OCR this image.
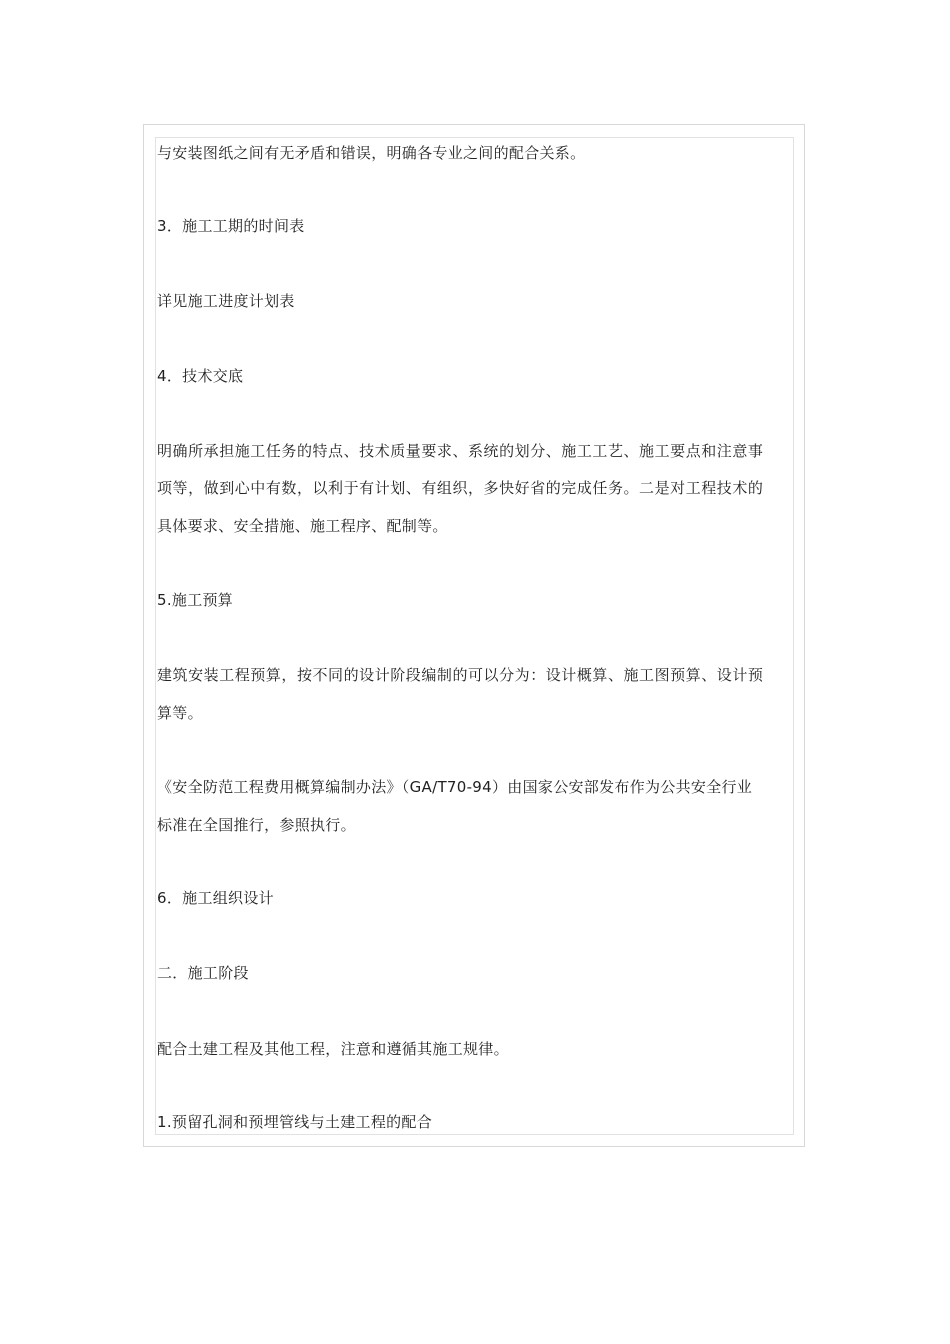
与安装图纸之间有无矛盾和错误，明确各专业之间的配合关系。
3．施工工期的时间表
详见施工进度计划表
4．技术交底
明确所承担施工任务的特点、技术质量要求、系统的划分、施工工艺、施工要点和注意事
项等，做到心中有数，以利于有计划、有组织，多快好省的完成任务。二是对工程技术的
具体要求、安全措施、施工程序、配制等。
5.施工预算
建筑安装工程预算，按不同的设计阶段编制的可以分为：设计概算、施工图预算、设计预
算等。
《安全防范工程费用概算编制办法》（GA/T70-94）由国家公安部发布作为公共安全行业
标准在全国推行，参照执行。
6．施工组织设计
二．施工阶段
配合土建工程及其他工程，注意和遵循其施工规律。
1.预留孔洞和预埋管线与土建工程的配合
